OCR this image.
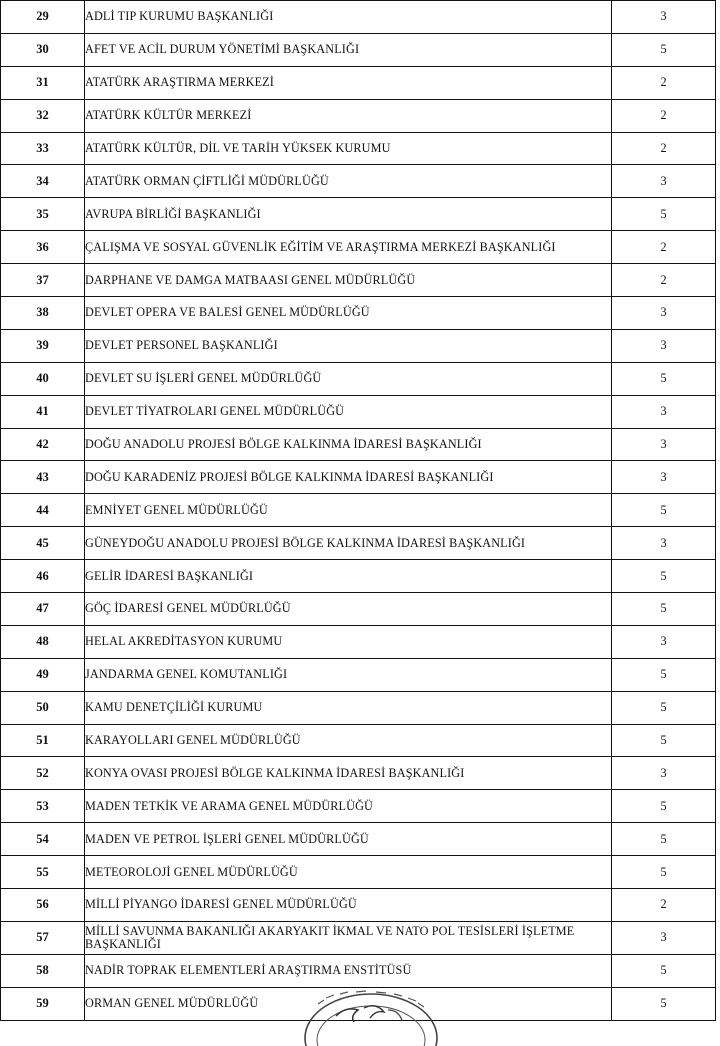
29	ADLİ TIP KURUMU BAŞKANLIĞI	3
30	AFET VE ACİL DURUM YÖNETİMİ BAŞKANLIĞI	5
31	ATATÜRK ARAŞTIRMA MERKEZİ	2
32	ATATÜRK KÜLTÜR MERKEZİ	2
33	ATATÜRK KÜLTÜR, DİL VE TARİH YÜKSEK KURUMU	2
34	ATATÜRK ORMAN ÇİFTLİĞİ MÜDÜRLÜĞÜ	3
35	AVRUPA BİRLİĞİ BAŞKANLIĞI	5
36	ÇALIŞMA VE SOSYAL GÜVENLİK EĞİTİM VE ARAŞTIRMA MERKEZİ BAŞKANLIĞI	2
37	DARPHANE VE DAMGA MATBAASI GENEL MÜDÜRLÜĞÜ	2
38	DEVLET OPERA VE BALESİ GENEL MÜDÜRLÜĞÜ	3
39	DEVLET PERSONEL BAŞKANLIĞI	3
40	DEVLET SU İŞLERİ GENEL MÜDÜRLÜĞÜ	5
41	DEVLET TİYATROLARI GENEL MÜDÜRLÜĞÜ	3
42	DOĞU ANADOLU PROJESİ BÖLGE KALKINMA İDARESİ BAŞKANLIĞI	3
43	DOĞU KARADENİZ PROJESİ BÖLGE KALKINMA İDARESİ BAŞKANLIĞI	3
44	EMNİYET GENEL MÜDÜRLÜĞÜ	5
45	GÜNEYDOĞU ANADOLU PROJESİ BÖLGE KALKINMA İDARESİ BAŞKANLIĞI	3
46	GELİR İDARESİ BAŞKANLIĞI	5
47	GÖÇ İDARESİ GENEL MÜDÜRLÜĞÜ	5
48	HELAL AKREDİTASYON KURUMU	3
49	JANDARMA GENEL KOMUTANLIĞI	5
50	KAMU DENETÇİLİĞİ KURUMU	5
51	KARAYOLLARI GENEL MÜDÜRLÜĞÜ	5
52	KONYA OVASI PROJESİ BÖLGE KALKINMA İDARESİ BAŞKANLIĞI	3
53	MADEN TETKİK VE ARAMA GENEL MÜDÜRLÜĞÜ	5
54	MADEN VE PETROL İŞLERİ GENEL MÜDÜRLÜĞÜ	5
55	METEOROLOJİ GENEL MÜDÜRLÜĞÜ	5
56	MİLLİ PİYANGO İDARESİ GENEL MÜDÜRLÜĞÜ	2
57	MİLLİ SAVUNMA BAKANLIĞI AKARYAKIT İKMAL VE NATO POL TESİSLERİ İŞLETME BAŞKANLIĞI	3
58	NADİR TOPRAK ELEMENTLERİ ARAŞTIRMA ENSTİTÜSÜ	5
59	ORMAN GENEL MÜDÜRLÜĞÜ	5
